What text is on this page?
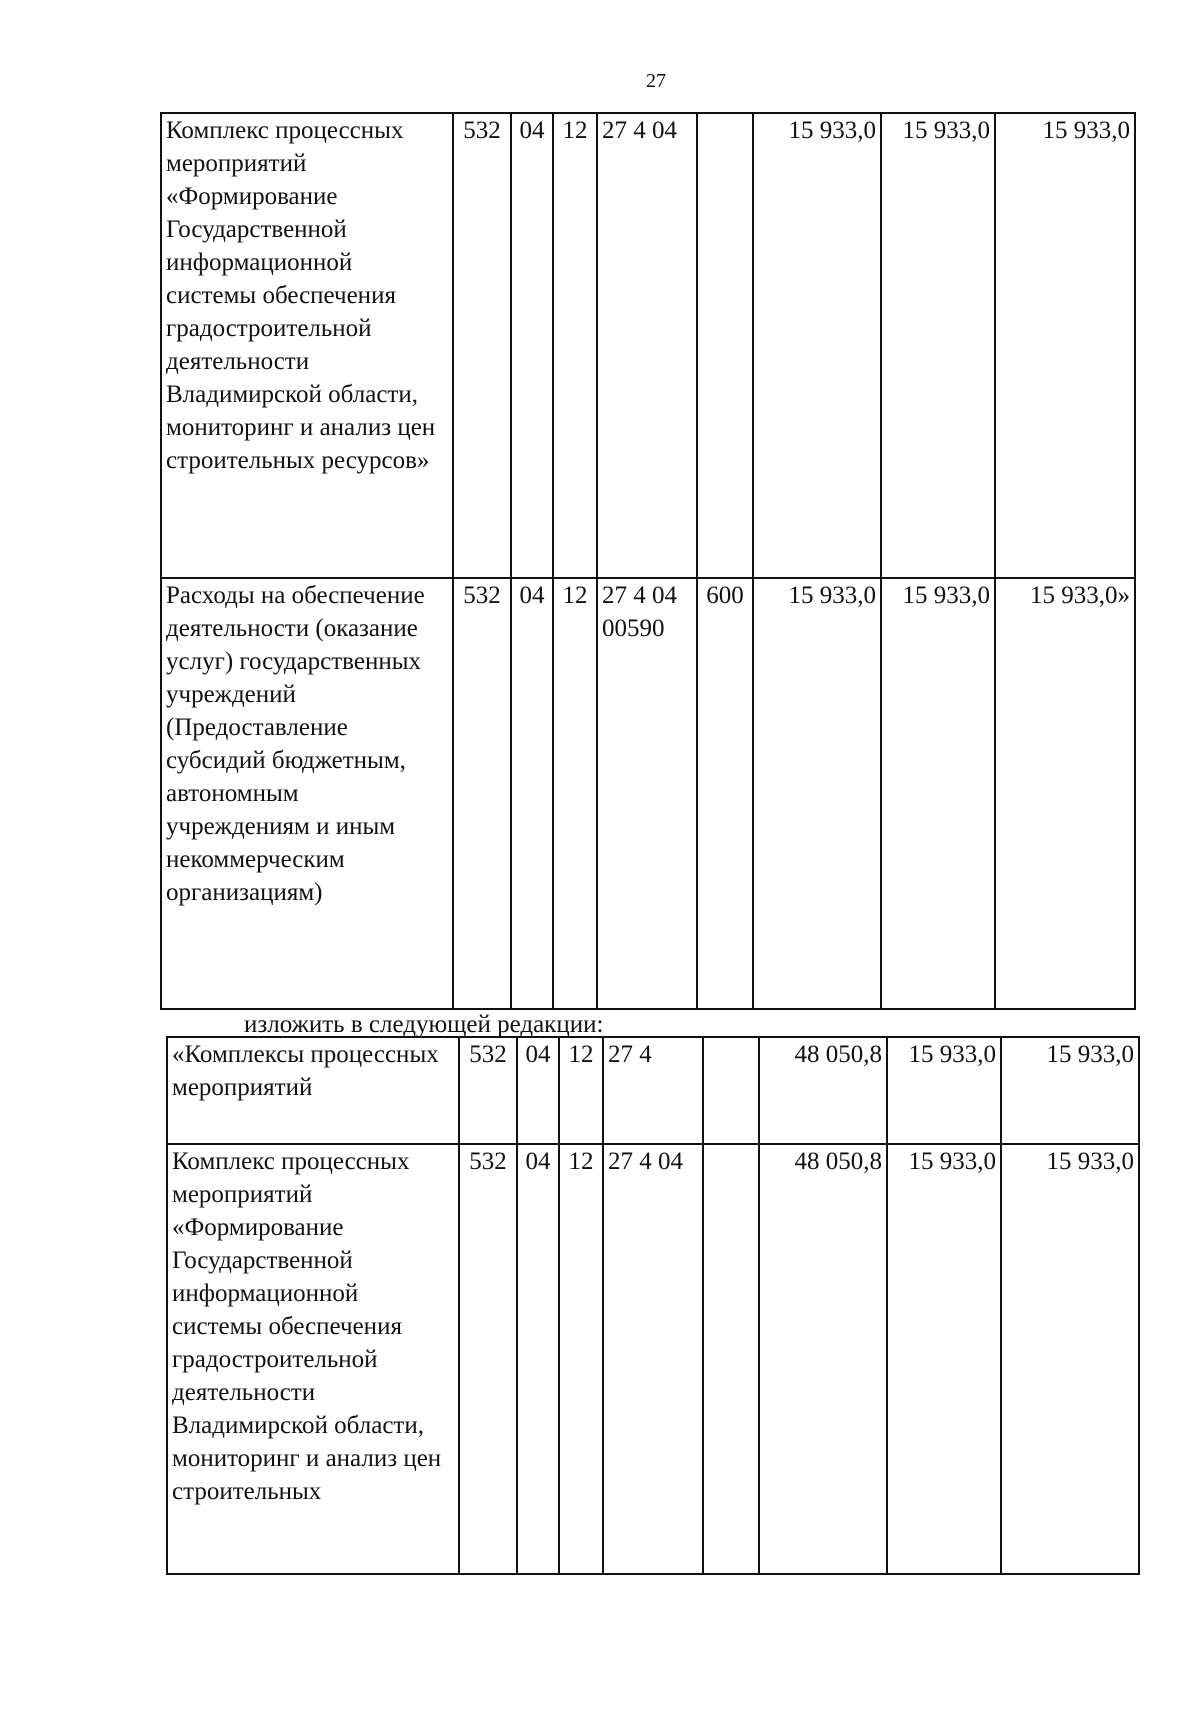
27
Комплекс процессных мероприятий «Формирование Государственной информационной системы обеспечения градостроительной деятельности Владимирской области, мониторинг и анализ цен строительных ресурсов»	532	04	12	27 4 04		15 933,0	15 933,0	15 933,0
Расходы на обеспечение деятельности (оказание услуг) государственных учреждений (Предоставление субсидий бюджетным, автономным учреждениям и иным некоммерческим организациям)	532	04	12	27 4 04 00590	600	15 933,0	15 933,0	15 933,0»
изложить в следующей редакции:
«Комплексы процессных мероприятий	532	04	12	27 4		48 050,8	15 933,0	15 933,0
Комплекс процессных мероприятий «Формирование Государственной информационной системы обеспечения градостроительной деятельности Владимирской области, мониторинг и анализ цен строительных	532	04	12	27 4 04		48 050,8	15 933,0	15 933,0
